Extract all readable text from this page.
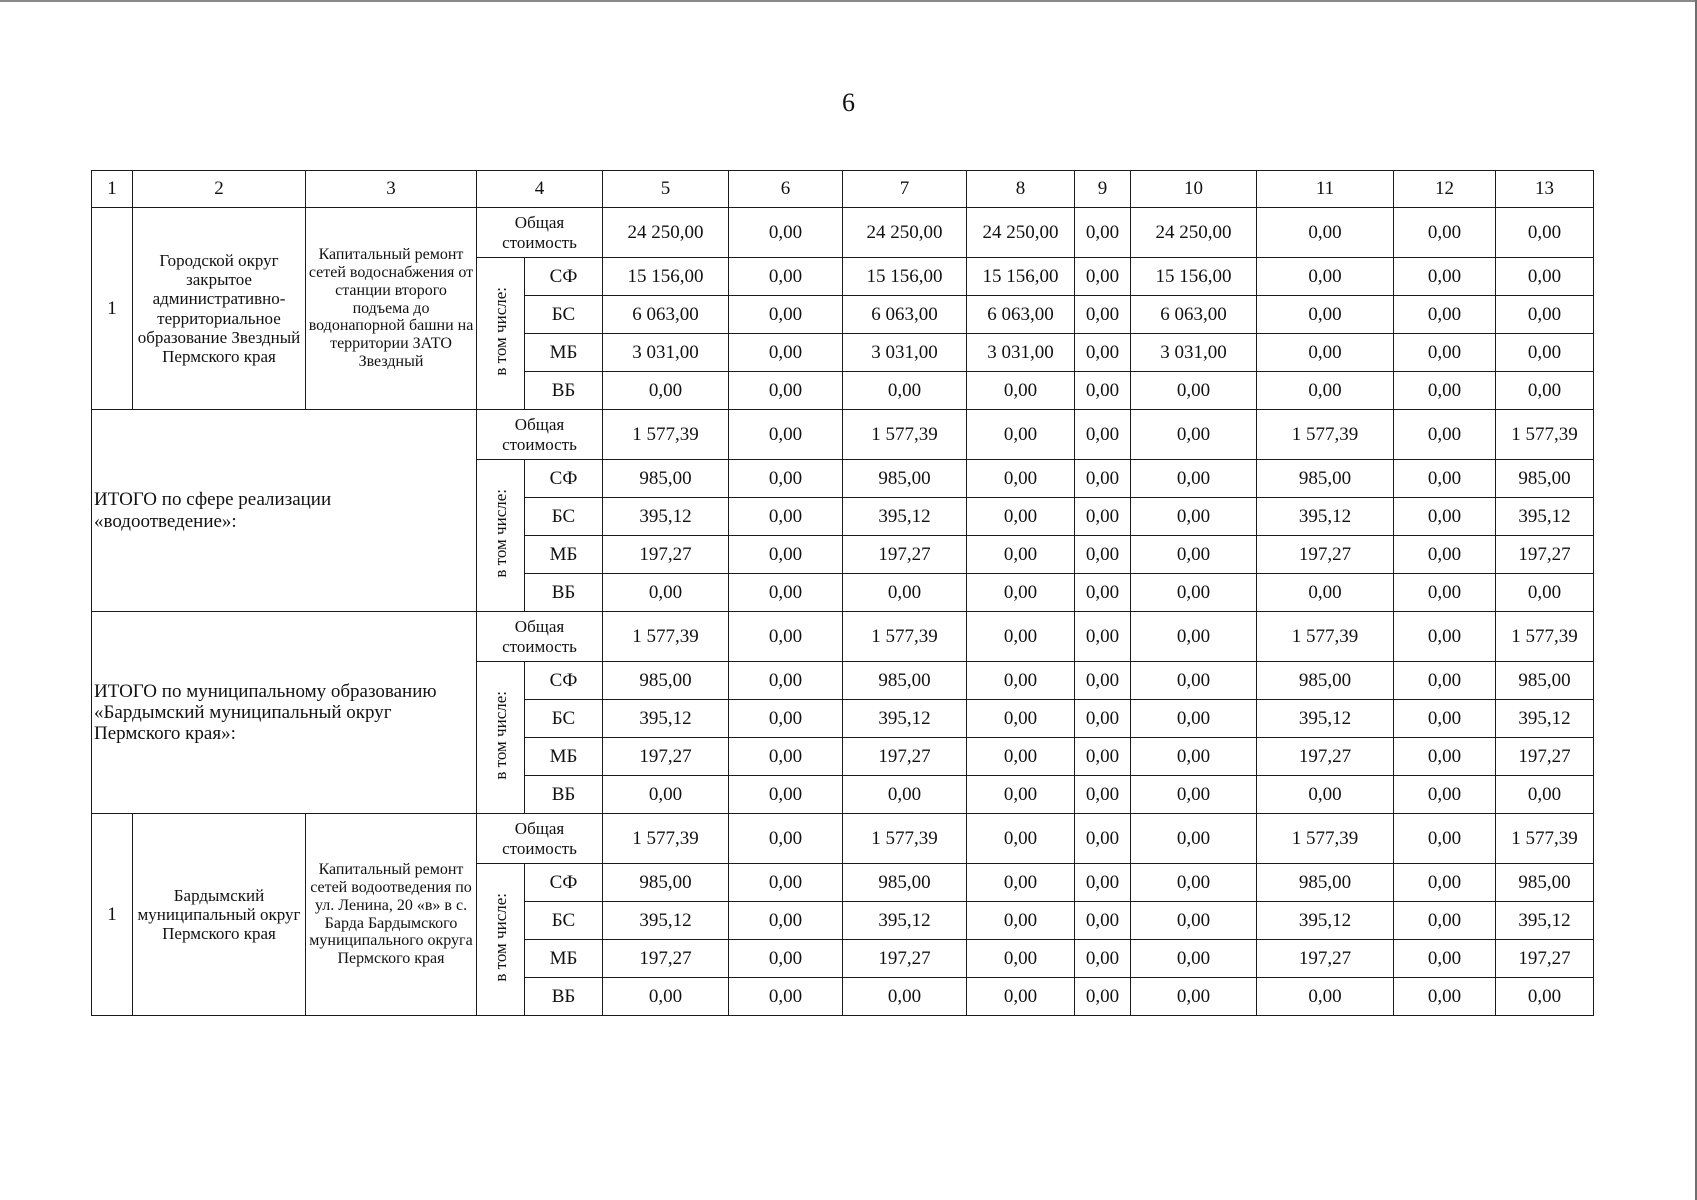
6
1	2	3	4		5	6	7	8	9	10	11	12	13
1	Городской округ закрытое административно-территориальное образование Звездный Пермского края	Капитальный ремонт сетей водоснабжения от станции второго подъема до водонапорной башни на территории ЗАТО Звездный	Общая стоимость		24 250,00	0,00	24 250,00	24 250,00	0,00	24 250,00	0,00	0,00	0,00
			в том числе:	СФ	15 156,00	0,00	15 156,00	15 156,00	0,00	15 156,00	0,00	0,00	0,00
				БС	6 063,00	0,00	6 063,00	6 063,00	0,00	6 063,00	0,00	0,00	0,00
				МБ	3 031,00	0,00	3 031,00	3 031,00	0,00	3 031,00	0,00	0,00	0,00
				ВБ	0,00	0,00	0,00	0,00	0,00	0,00	0,00	0,00	0,00
ИТОГО по сфере реализации «водоотведение»:			Общая стоимость		1 577,39	0,00	1 577,39	0,00	0,00	0,00	1 577,39	0,00	1 577,39
			в том числе:	СФ	985,00	0,00	985,00	0,00	0,00	0,00	985,00	0,00	985,00
				БС	395,12	0,00	395,12	0,00	0,00	0,00	395,12	0,00	395,12
				МБ	197,27	0,00	197,27	0,00	0,00	0,00	197,27	0,00	197,27
				ВБ	0,00	0,00	0,00	0,00	0,00	0,00	0,00	0,00	0,00
ИТОГО по муниципальному образованию «Бардымский муниципальный округ Пермского края»:			Общая стоимость		1 577,39	0,00	1 577,39	0,00	0,00	0,00	1 577,39	0,00	1 577,39
			в том числе:	СФ	985,00	0,00	985,00	0,00	0,00	0,00	985,00	0,00	985,00
				БС	395,12	0,00	395,12	0,00	0,00	0,00	395,12	0,00	395,12
				МБ	197,27	0,00	197,27	0,00	0,00	0,00	197,27	0,00	197,27
				ВБ	0,00	0,00	0,00	0,00	0,00	0,00	0,00	0,00	0,00
1	Бардымский муниципальный округ Пермского края	Капитальный ремонт сетей водоотведения по ул. Ленина, 20 «в» в с. Барда Бардымского муниципального округа Пермского края	Общая стоимость		1 577,39	0,00	1 577,39	0,00	0,00	0,00	1 577,39	0,00	1 577,39
			в том числе:	СФ	985,00	0,00	985,00	0,00	0,00	0,00	985,00	0,00	985,00
				БС	395,12	0,00	395,12	0,00	0,00	0,00	395,12	0,00	395,12
				МБ	197,27	0,00	197,27	0,00	0,00	0,00	197,27	0,00	197,27
				ВБ	0,00	0,00	0,00	0,00	0,00	0,00	0,00	0,00	0,00
